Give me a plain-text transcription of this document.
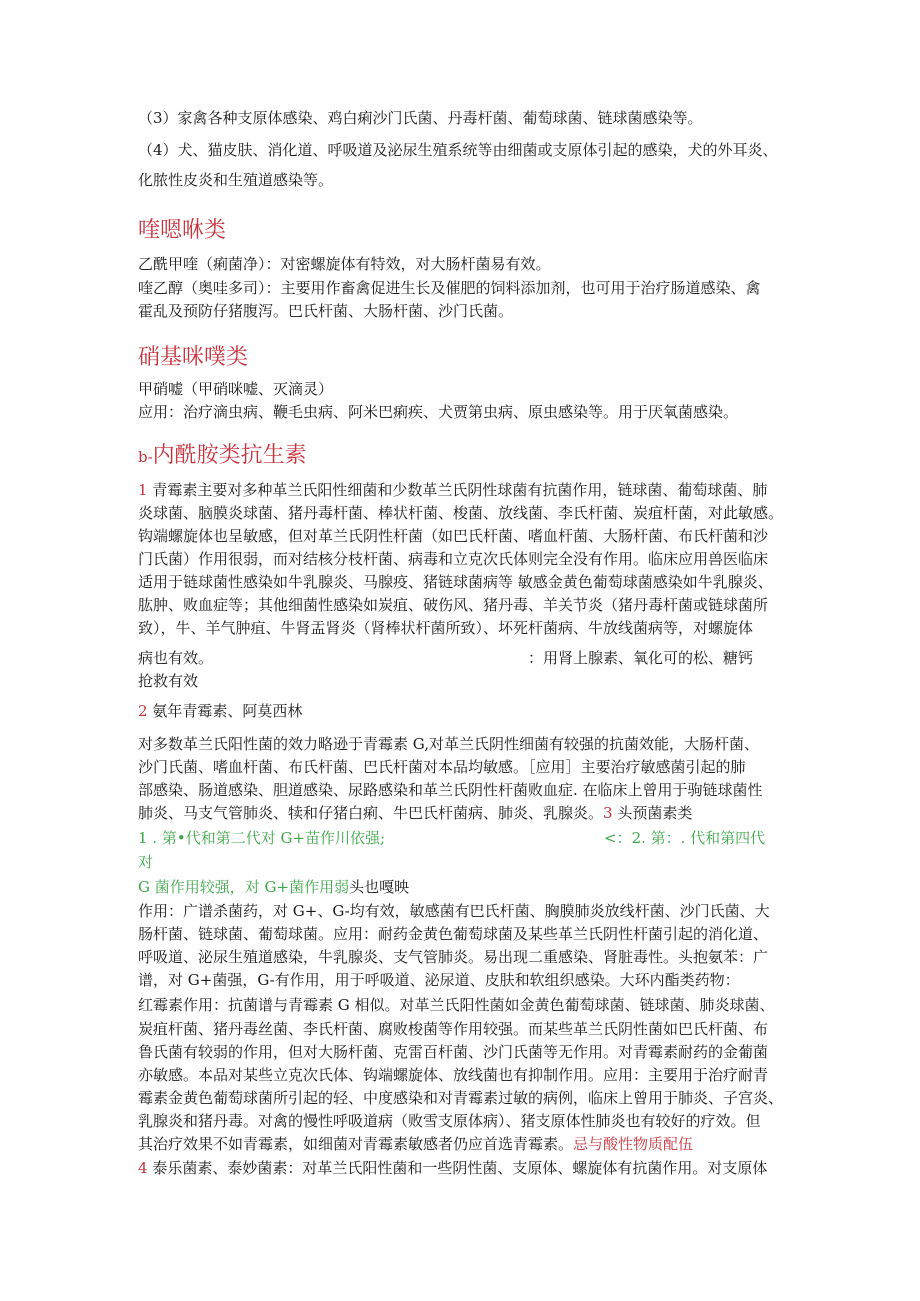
（3）家禽各种支原体感染、鸡白痢沙门氏菌、丹毒杆菌、葡萄球菌、链球菌感染等。
（4）犬、猫皮肤、消化道、呼吸道及泌尿生殖系统等由细菌或支原体引起的感染，犬的外耳炎、
化脓性皮炎和生殖道感染等。
喹嗯咻类
乙酰甲喹（痢菌净）：对密螺旋体有特效，对大肠杆菌易有效。
喹乙醇（奥哇多司）：主要用作畜禽促进生长及催肥的饲料添加剂，也可用于治疗肠道感染、禽
霍乱及预防仔猪腹泻。巴氏杆菌、大肠杆菌、沙门氏菌。
硝基咪噗类
甲硝嘘（甲硝咪嘘、灭滴灵）
应用：治疗滴虫病、鞭毛虫病、阿米巴痢疾、犬贾第虫病、原虫感染等。用于厌氧菌感染。
b-内酰胺类抗生素
1 青霉素主要对多种革兰氏阳性细菌和少数革兰氏阴性球菌有抗菌作用，链球菌、葡萄球菌、肺
炎球菌、脑膜炎球菌、猪丹毒杆菌、棒状杆菌、梭菌、放线菌、李氏杆菌、炭疽杆菌，对此敏感。
钩端螺旋体也呈敏感，但对革兰氏阴性杆菌（如巴氏杆菌、嗜血杆菌、大肠杆菌、布氏杆菌和沙
门氏菌）作用很弱，而对结核分枝杆菌、病毒和立克次氏体则完全没有作用。临床应用兽医临床
适用于链球菌性感染如牛乳腺炎、马腺疫、猪链球菌病等 敏感金黄色葡萄球菌感染如牛乳腺炎、
肱肿、败血症等；其他细菌性感染如炭疽、破伤风、猪丹毒、羊关节炎（猪丹毒杆菌或链球菌所
致），牛、羊气肿疽、牛肾盂肾炎（肾棒状杆菌所致）、坏死杆菌病、牛放线菌病等，对螺旋体
病也有效。	：用肾上腺素、氧化可的松、糖钙
抢救有效
2 氨年青霉素、阿莫西林
对多数革兰氏阳性菌的效力略逊于青霉素 G,对革兰氏阴性细菌有较强的抗菌效能，大肠杆菌、
沙门氏菌、嗜血杆菌、布氏杆菌、巴氏杆菌对本品均敏感。［应用］主要治疗敏感菌引起的肺
部感染、肠道感染、胆道感染、尿路感染和革兰氏阴性杆菌败血症. 在临床上曾用于驹链球菌性
肺炎、马支气管肺炎、犊和仔猪白痢、牛巴氏杆菌病、肺炎、乳腺炎。3 头预菌素类
1 . 第•代和第二代对 G+苗作川依强;	<：2. 第：. 代和第四代
对
G 菌作用较强，对 G+菌作用弱头也嘎映
作用：广谱杀菌药，对 G+、G-均有效，敏感菌有巴氏杆菌、胸膜肺炎放线杆菌、沙门氏菌、大
肠杆菌、链球菌、葡萄球菌。应用：耐药金黄色葡萄球菌及某些革兰氏阴性杆菌引起的消化道、
呼吸道、泌尿生殖道感染，牛乳腺炎、支气管肺炎。易出现二重感染、肾脏毒性。头抱氨苯：广
谱，对 G+菌强，G-有作用，用于呼吸道、泌尿道、皮肤和软组织感染。大环内酯类药物：
红霉素作用：抗菌谱与青霉素 G 相似。对革兰氏阳性菌如金黄色葡萄球菌、链球菌、肺炎球菌、
炭疽杆菌、猪丹毒丝菌、李氏杆菌、腐败梭菌等作用较强。而某些革兰氏阴性菌如巴氏杆菌、布
鲁氏菌有较弱的作用，但对大肠杆菌、克雷百杆菌、沙门氏菌等无作用。对青霉素耐药的金葡菌
亦敏感。本品对某些立克次氏体、钩端螺旋体、放线菌也有抑制作用。应用：主要用于治疗耐青
霉素金黄色葡萄球菌所引起的轻、中度感染和对青霉素过敏的病例，临床上曾用于肺炎、子宫炎、
乳腺炎和猪丹毒。对禽的慢性呼吸道病（败雪支原体病）、猪支原体性肺炎也有较好的疗效。但
其治疗效果不如青霉素，如细菌对青霉素敏感者仍应首选青霉素。忌与酸性物质配伍
4 泰乐菌素、泰妙菌素：对革兰氏阳性菌和一些阴性菌、支原体、螺旋体有抗菌作用。对支原体
